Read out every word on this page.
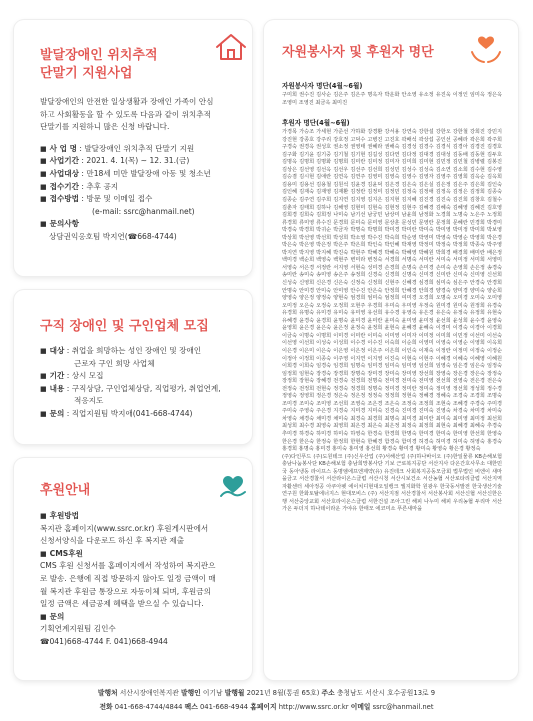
발달장애인 위치추적
단말기 지원사업
발달장애인의 안전한 일상생활과 장애인 가족이 안심
하고 사회활동을 할 수 있도록 다음과 같이 위치추적
단말기를 지원하니 많은 신청 바랍니다.
■ 사 업 명 : 발달장애인 위치추적 단말기 지원
■ 사업기간 : 2021. 4. 1(목) ~ 12. 31.(금)
■ 사업대상 : 만18세 미만 발달장애 아동 및 청소년
■ 접수기간 : 추후 공지
■ 접수방법 : 방문 및 이메일 접수
(e-mail: ssrc@hanmail.net)
■ 문의사항
상담권익옹호팀 박지연(☎668-4744)
구직 장애인 및 구인업체 모집
■ 대상 : 취업을 희망하는 성인 장애인 및 장애인
근로자 구인 희망 사업체
■ 기간 : 상시 모집
■ 내용 : 구직상담, 구인업체상담, 직업평가, 취업연계,
적응지도
■ 문의 : 직업지원팀 박지애(041-668-4744)
후원안내
■ 후원방법
복지관 홈페이지(www.ssrc.or.kr) 후원게시판에서
신청서양식을 다운로드 하신 후 복지관 제출
■ CMS후원
CMS 후원 신청서를 홈페이지에서 작성하여 복지관으
로 발송. 은행에 직접 방문하지 않아도 일정 금액이 매
월 복지관 후원금 통장으로 자동이체 되며, 후원금의
일정 금액은 세금공제 혜택을 받으실 수 있습니다.
■ 문의
기획연계지원팀 김인수
☎041)668-4744 F. 041)668-4944
자원봉사자 및 후원자 명단
자원봉사자 명단(4월~6월)
구미희 권수진 김사순 김은주 김은주 명옥자 박운화 안소영 유소정 유진욱 이정인 임미옥 정은옥 조영미 조영진 최금옥 최미진
후원자 명단(4월~6월)
가경목 가승조 가세현 가준선 가하화 강경환 강서용 강연숙 강한설 강한오 강한철 강희진 강민지 강진현 강종호 강주리 강호정 고덕수 고병진 고진호 곽배석 곽상섭 공인선 공혜라 곽은희 곽주희 구경숙 권경옥 권성호 권소정 권영태 권혜라 권해숙 김경성 김경수 김경식 김경아 김경진 김경호 김구화 김기윤 김기중 김기철 김기현 김길성 김다연 김다정 김대경 김대성 김동배 김동현 김두호 김명옥 김명희 김명화 김명희 김미란 김미정 김미자 김미희 김미현 김민정 김민철 김병렬 김봉진 김상은 김선영 김선옥 김선우 김선주 김선희 김성민 김성수 김성숙 김소연 김소희 김수현 김수영 김승겸 김시현 김애란 김연옥 김연주 김영미 김영숙 김영수 김영자 김영주 김영희 김옥순 김옥희 김용미 김용선 김용철 김원석 김윤경 김윤덕 김은경 김은숙 김은실 김은정 김은주 김은희 김인숙 김인혜 김재숙 김재영 김재환 김정란 김정미 김정민 김정숙 김정애 김정옥 김정은 김정희 김종숙 김종순 김주연 김주희 김지연 김지영 김지은 김지현 김지혜 김진경 김진숙 김진희 김창호 김철수 김춘자 김태희 김하나 김해영 김현미 김현숙 김현정 김현주 김혜경 김혜숙 김혜영 김혜진 김호영 김희경 김희숙 김희정 나미숙 남기선 남궁민 남상미 남윤희 남정화 노경희 노명숙 노은주 노정희 류경희 류미영 류수진 문경희 문미숙 문미영 문상훈 문성민 문영란 문정희 문혜란 민경희 박경미 박경숙 박경희 박귀순 박금자 박명숙 박명희 박미경 박미란 박미숙 박미영 박미정 박미희 박보영 박상희 박선영 박선희 박성희 박소영 박수진 박숙희 박순영 박영미 박영숙 박영순 박영희 박은경 박은숙 박은영 박은정 박은주 박은희 박인숙 박인혜 박재영 박정미 박정숙 박정희 박종숙 박주영 박지연 박지영 박지혜 박진숙 박현주 박혜경 박혜숙 박혜영 박혜원 박희경 배경희 배미란 배은정 백미경 백순희 백영숙 백현주 변미라 변정숙 서경희 서명숙 서미란 서미숙 서미정 서미희 서영미 서영숙 서은경 서정란 서지영 서현숙 성미경 손경희 손명숙 손미경 손미숙 손영희 손은정 송경숙 송미란 송미숙 송미영 송은주 송정희 신경숙 신경희 신명숙 신미경 신미란 신미숙 신미영 신선희 신성숙 신영희 신은경 신은숙 신정숙 신정희 신현주 신혜경 심경희 심미숙 심은주 안경숙 안경희 안명숙 안미경 안미숙 안미영 안수진 안은숙 안정희 안혜경 안희경 양경숙 양미경 양미숙 양순희 양영숙 양은정 양정숙 양현숙 엄경희 엄미숙 엄정희 여미경 오경희 오명숙 오미경 오미숙 오미영 오미정 오은숙 오정숙 오정희 오현주 우경희 우미숙 우미영 우정숙 원미경 원미숙 원정희 유경숙 유경희 유명숙 유미경 유미숙 유미영 유선희 유수경 유영숙 유은경 유은숙 유정숙 유정희 유현숙 유혜경 윤경숙 윤경희 윤명숙 윤미경 윤미란 윤미숙 윤미영 윤미정 윤선희 윤성희 윤수경 윤영숙 윤영희 윤은경 윤은숙 윤은정 윤정숙 윤정희 윤현숙 윤혜경 윤혜숙 이경미 이경숙 이경아 이경희 이금숙 이명숙 이명희 이미경 이미란 이미숙 이미영 이미자 이미정 이미희 이민정 이선미 이선숙 이선영 이선희 이성숙 이성희 이수경 이수진 이숙희 이순희 이영미 이영숙 이영순 이영희 이옥희 이은경 이은미 이은숙 이은영 이은정 이은주 이은희 이인숙 이재숙 이정란 이정미 이정숙 이정순 이정아 이정희 이종숙 이주영 이지연 이지영 이진숙 이현숙 이현주 이혜경 이혜숙 이혜영 이혜원 이희경 이희숙 임경숙 임경희 임명숙 임미경 임미숙 임미영 임선희 임영숙 임은경 임은숙 임정숙 임정희 임현숙 장경숙 장경희 장명숙 장미경 장미숙 장미영 장선희 장영숙 장은경 장은숙 장정숙 장정희 장현숙 장혜경 전경숙 전경희 전명숙 전미경 전미숙 전미영 전선희 전영숙 전은경 전은숙 전정숙 전정희 전현숙 정경숙 정경희 정명숙 정미경 정미란 정미숙 정미영 정선희 정성희 정수경 정영숙 정영희 정은경 정은숙 정은정 정정숙 정정희 정현숙 정혜경 정혜숙 조경숙 조경희 조명숙 조미경 조미숙 조미영 조선희 조영숙 조은경 조은숙 조정숙 조정희 조현숙 조혜경 주경숙 주미경 주미숙 주영숙 주은경 지경숙 지미경 지미숙 진경숙 진미경 진미숙 진영숙 차경숙 차미경 차미숙 차영숙 채경숙 채미경 채미숙 최경숙 최경희 최명숙 최미경 최미란 최미숙 최미영 최미정 최선희 최성희 최수경 최영숙 최영희 최은경 최은숙 최은정 최정숙 최정희 최현숙 최혜경 최혜숙 추경숙 추미경 하경숙 하미경 하미숙 하영숙 한경숙 한경희 한명숙 한미경 한미숙 한미영 한선희 한영숙 한은경 한은숙 한정숙 한정희 한현숙 한혜경 함경숙 함미경 허경숙 허미경 허미숙 허영숙 홍경숙 홍경희 홍명숙 홍미경 홍미숙 홍미영 홍선희 황경숙 황미경 황미숙 황영숙 황은경 황정숙
(주)다인푸드 (주)도원테크 (주)신우산업 (주)서해산업 (주)하나바이오 (주)한일물류 KB손해보험 충남나눔봉사단 KB손해보험 충남희망봉사단 기보 근로복지공단 서산지사 다온간호사무소 대한민국 동아냉동 라이프스 동명엠에프엔제약(유) 유진테크 사회복지공동모금회 법무법인 비엔이 새마을금고 서산경찰서 서산라이온스클럽 서산시청 서산시보건소 서산농협 서산로타리클럽 서산지역자활센터 세아정공 아쿠아펫 에이치디현대오일뱅크 엘지화학 원광우 한국동서발전 한국생산기술연구원 한화토탈에너지스 현대모비스 (주) 서산지점 서산경찰서 서산봉사회 서산신협 서산신한은행 서산중앙교회 서산호라이온스클럽 서한건설 조아그린 해피 나누미 해피 우리농협 두리마 서산가온 두더지 하나데이라운 가야유 한태모 에코미소 푸른새마을
발행처 서산시장애인복지관 발행인 이기남 발행월 2021년 8월(통권 65호) 주소 충청남도 서산시 호수공원13로 9
전화 041-668-4744/4844 팩스 041-668-4944 홈페이지 http://www.ssrc.or.kr 이메일 ssrc@hanmail.net
